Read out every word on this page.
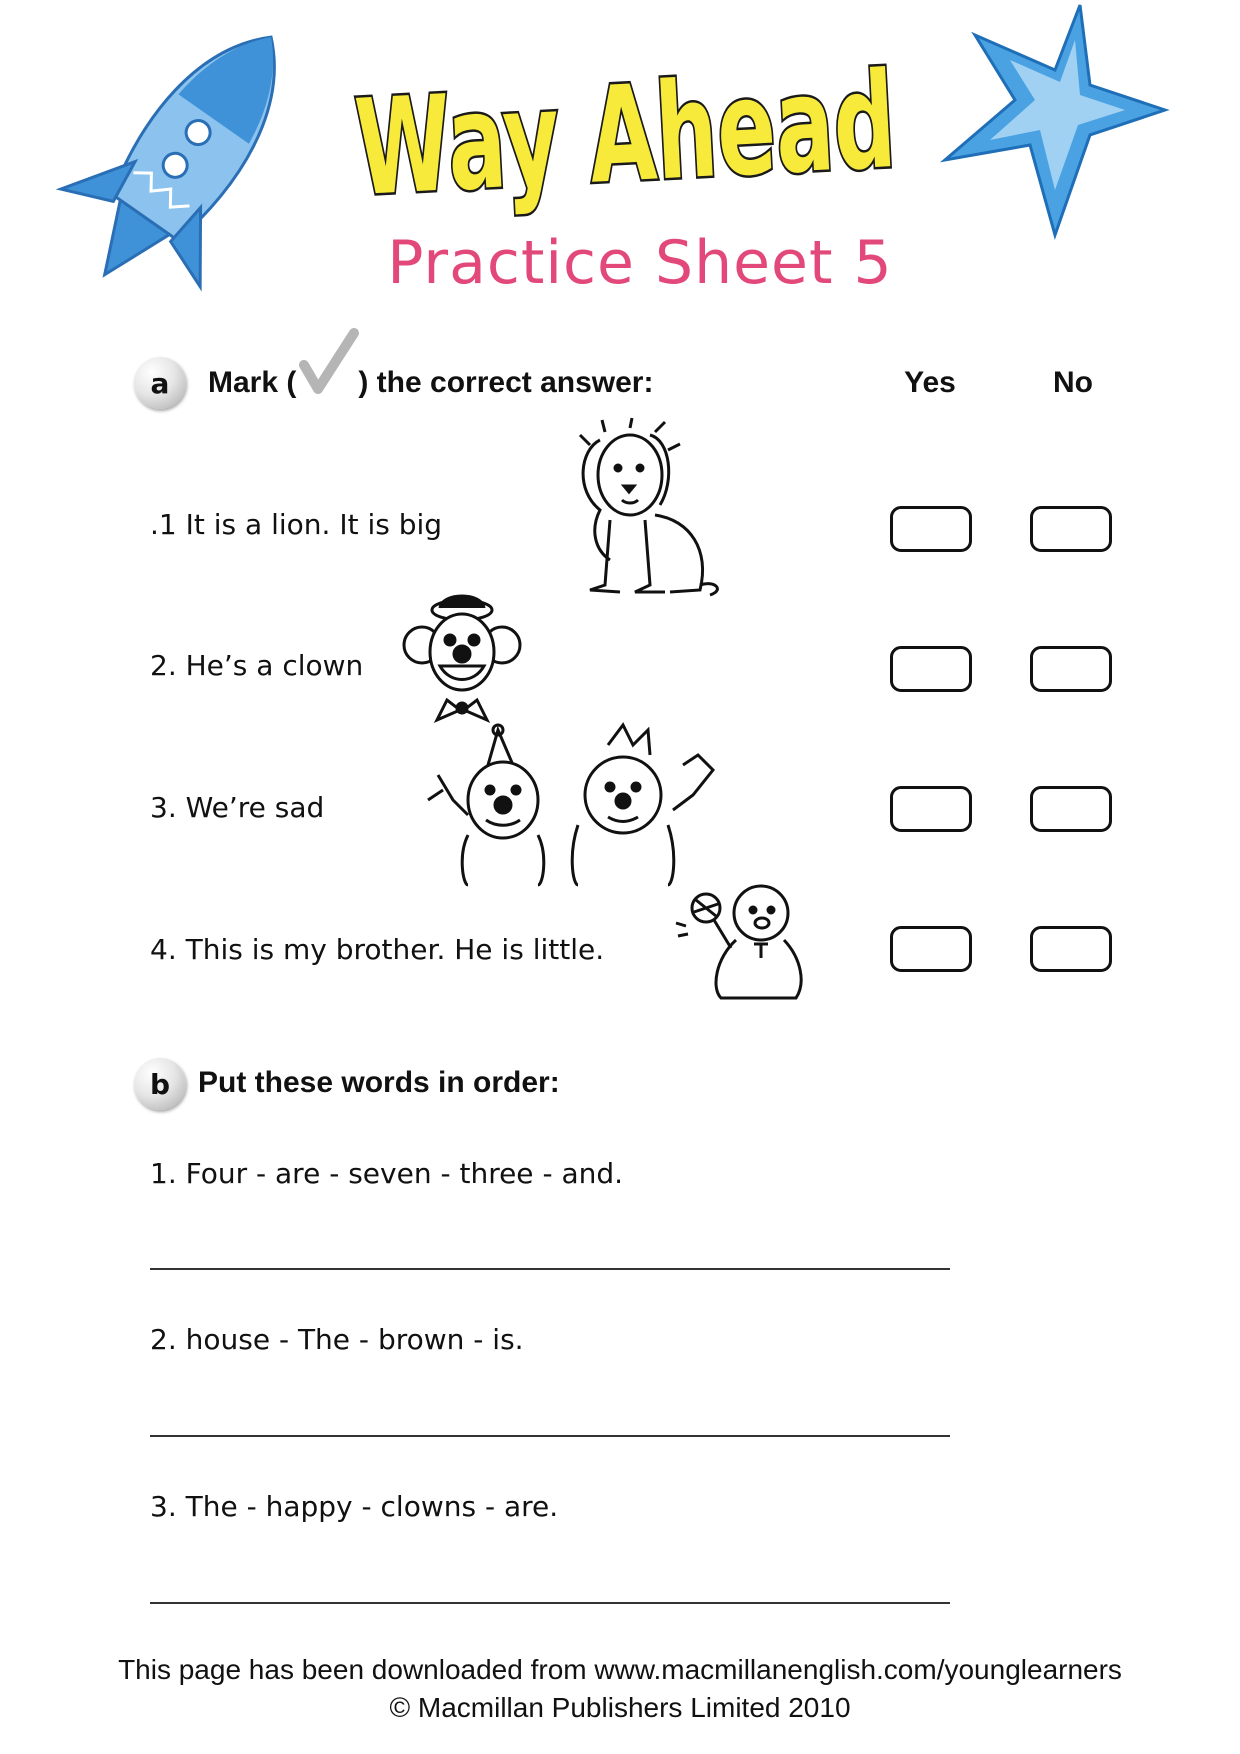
Way Ahead
Practice Sheet 5
a Mark ( ) the correct answer:	Yes	No
.1 It is a lion. It is big
2. He’s a clown
3. We’re sad
4. This is my brother. He is little.
b Put these words in order:
1. Four - are - seven - three - and.
2. house - The - brown - is.
3. The - happy - clowns - are.
This page has been downloaded from www.macmillanenglish.com/younglearners
© Macmillan Publishers Limited 2010
